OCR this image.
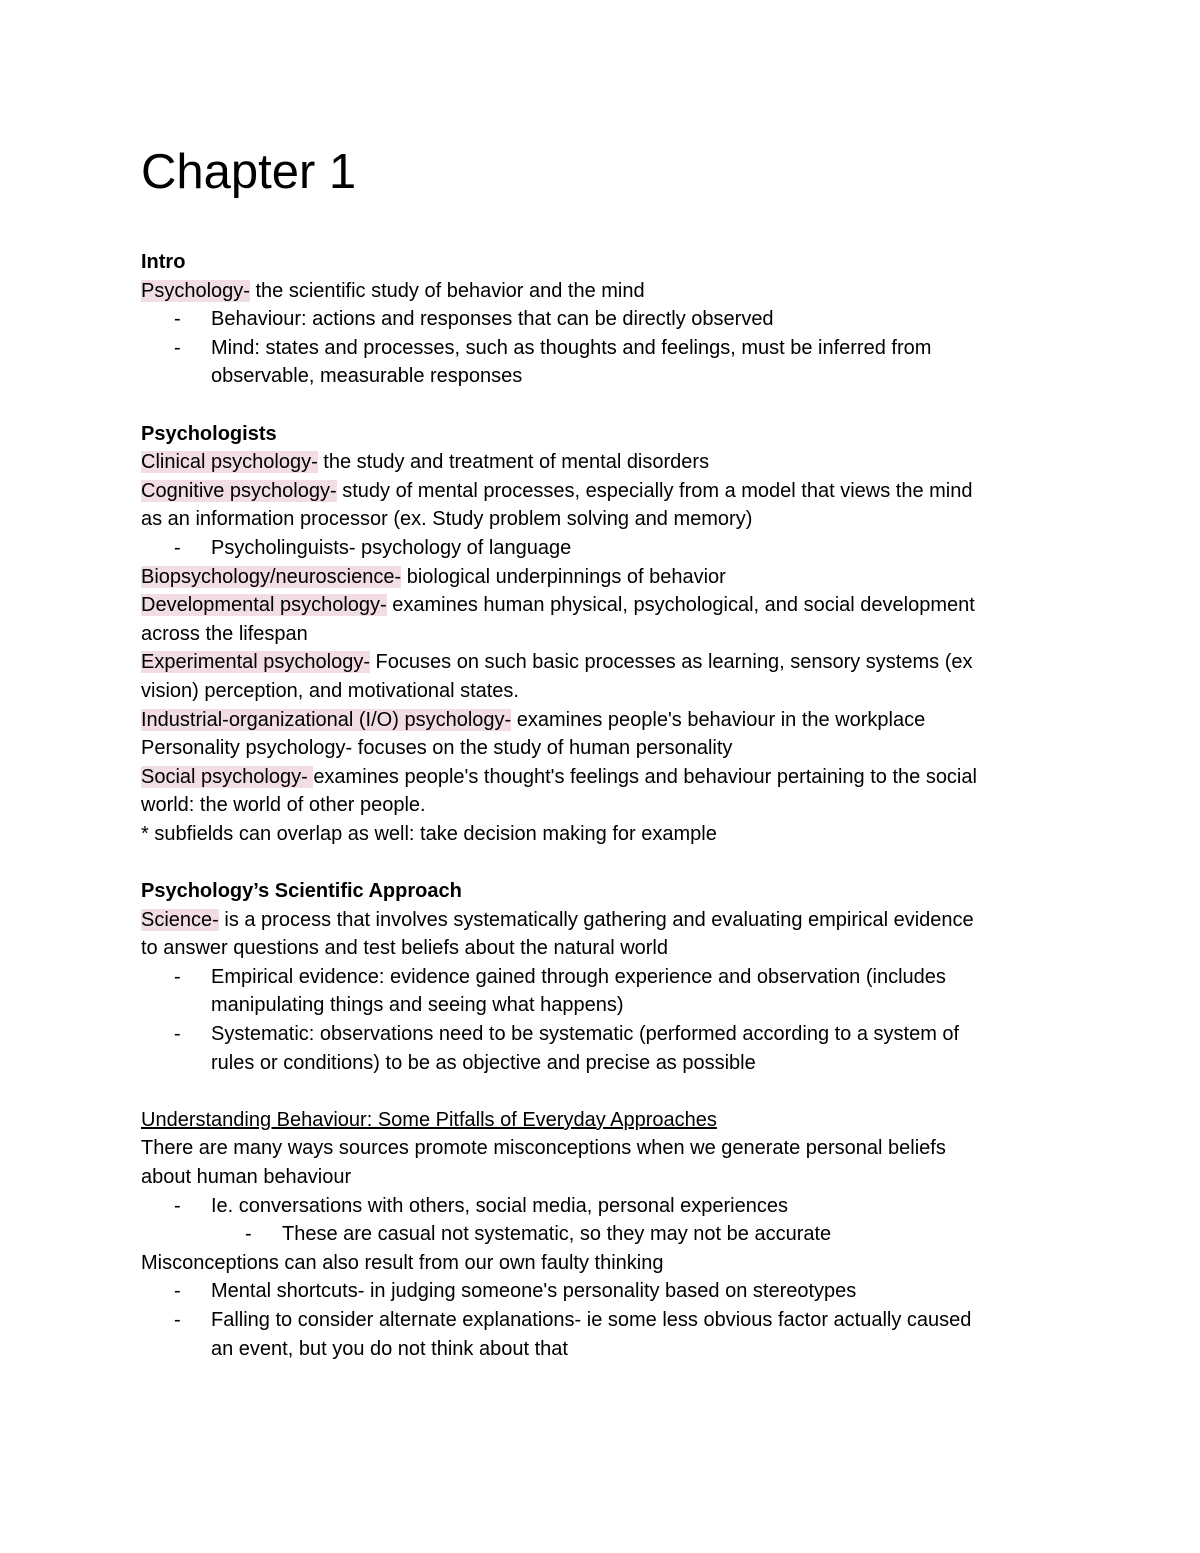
Chapter 1
Intro
Psychology- the scientific study of behavior and the mind
-	Behaviour: actions and responses that can be directly observed
-	Mind: states and processes, such as thoughts and feelings, must be inferred from
observable, measurable responses
Psychologists
Clinical psychology- the study and treatment of mental disorders
Cognitive psychology- study of mental processes, especially from a model that views the mind
as an information processor (ex. Study problem solving and memory)
-	Psycholinguists- psychology of language
Biopsychology/neuroscience- biological underpinnings of behavior
Developmental psychology- examines human physical, psychological, and social development
across the lifespan
Experimental psychology- Focuses on such basic processes as learning, sensory systems (ex
vision) perception, and motivational states.
Industrial-organizational (I/O) psychology- examines people's behaviour in the workplace
Personality psychology- focuses on the study of human personality
Social psychology- examines people's thought's feelings and behaviour pertaining to the social
world: the world of other people.
* subfields can overlap as well: take decision making for example
Psychology’s Scientific Approach
Science- is a process that involves systematically gathering and evaluating empirical evidence
to answer questions and test beliefs about the natural world
-	Empirical evidence: evidence gained through experience and observation (includes
manipulating things and seeing what happens)
-	Systematic: observations need to be systematic (performed according to a system of
rules or conditions) to be as objective and precise as possible
Understanding Behaviour: Some Pitfalls of Everyday Approaches
There are many ways sources promote misconceptions when we generate personal beliefs
about human behaviour
-	Ie. conversations with others, social media, personal experiences
-	These are casual not systematic, so they may not be accurate
Misconceptions can also result from our own faulty thinking
-	Mental shortcuts- in judging someone's personality based on stereotypes
-	Falling to consider alternate explanations- ie some less obvious factor actually caused
an event, but you do not think about that
